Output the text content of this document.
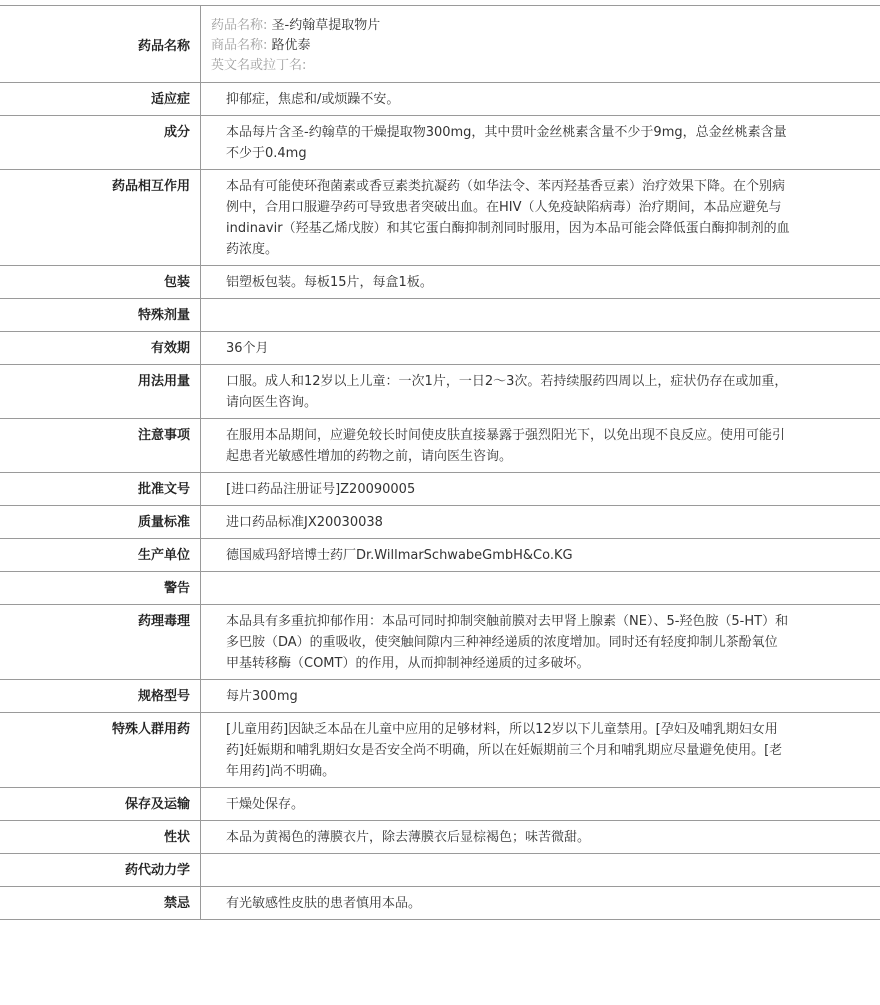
药品名称	药品名称: 圣-约翰草提取物片
商品名称: 路优泰
英文名或拉丁名:

适应症	抑郁症，焦虑和/或烦躁不安。
成分	本品每片含圣-约翰草的干燥提取物300mg，其中贯叶金丝桃素含量不少于9mg，总金丝桃素含量不少于0.4mg
药品相互作用	本品有可能使环孢菌素或香豆素类抗凝药（如华法令、苯丙羟基香豆素）治疗效果下降。在个别病例中，合用口服避孕药可导致患者突破出血。在HIV（人免疫缺陷病毒）治疗期间，本品应避免与indinavir（羟基乙烯戊胺）和其它蛋白酶抑制剂同时服用，因为本品可能会降低蛋白酶抑制剂的血药浓度。
包装	铝塑板包装。每板15片，每盒1板。
特殊剂量	
有效期	36个月
用法用量	口服。成人和12岁以上儿童：一次1片，一日2～3次。若持续服药四周以上，症状仍存在或加重，请向医生咨询。
注意事项	在服用本品期间，应避免较长时间使皮肤直接暴露于强烈阳光下，以免出现不良反应。使用可能引起患者光敏感性增加的药物之前，请向医生咨询。
批准文号	[进口药品注册证号]Z20090005
质量标准	进口药品标准JX20030038
生产单位	德国威玛舒培博士药厂Dr.WillmarSchwabeGmbH&Co.KG
警告	
药理毒理	本品具有多重抗抑郁作用：本品可同时抑制突触前膜对去甲肾上腺素（NE）、5-羟色胺（5-HT）和多巴胺（DA）的重吸收，使突触间隙内三种神经递质的浓度增加。同时还有轻度抑制儿茶酚氧位甲基转移酶（COMT）的作用，从而抑制神经递质的过多破坏。
规格型号	每片300mg
特殊人群用药	[儿童用药]因缺乏本品在儿童中应用的足够材料，所以12岁以下儿童禁用。[孕妇及哺乳期妇女用药]妊娠期和哺乳期妇女是否安全尚不明确，所以在妊娠期前三个月和哺乳期应尽量避免使用。[老年用药]尚不明确。
保存及运输	干燥处保存。
性状	本品为黄褐色的薄膜衣片，除去薄膜衣后显棕褐色；味苦微甜。
药代动力学	
禁忌	有光敏感性皮肤的患者慎用本品。
